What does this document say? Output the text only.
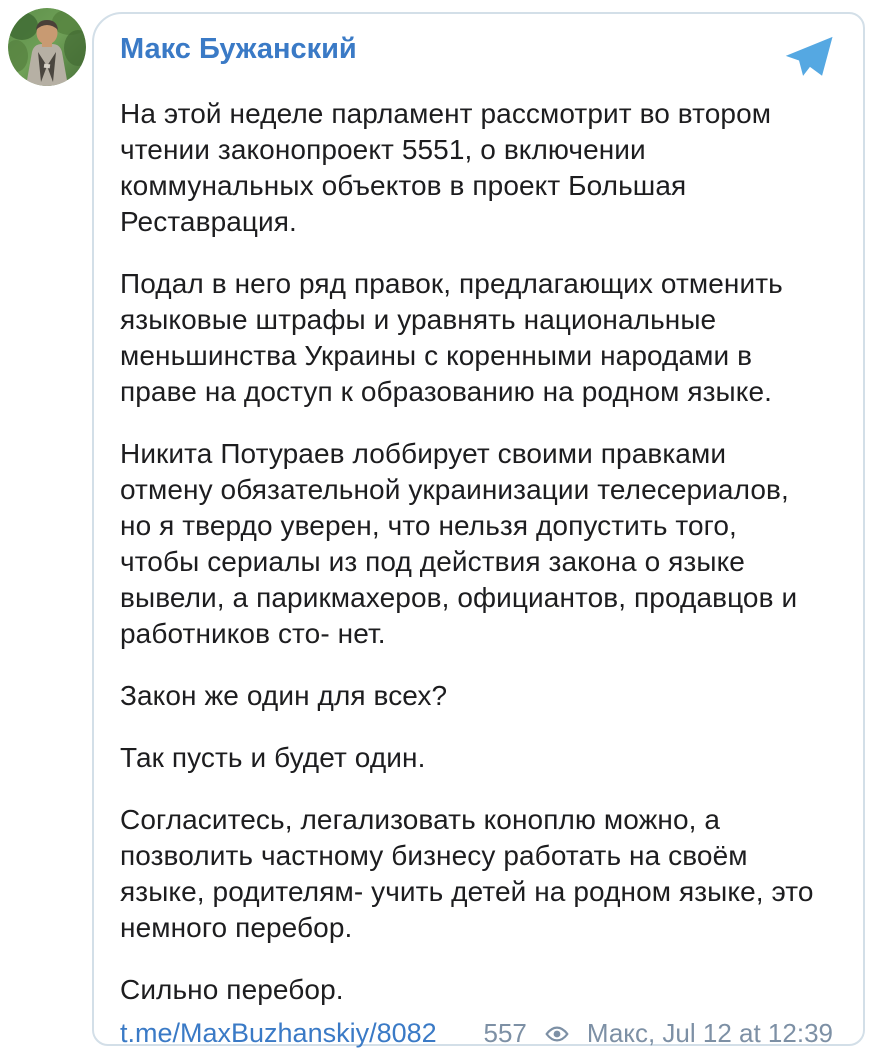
Макс Бужанский

На этой неделе парламент рассмотрит во втором чтении законопроект 5551, о включении коммунальных объектов в проект Большая Реставрация.

Подал в него ряд правок, предлагающих отменить языковые штрафы и уравнять национальные меньшинства Украины с коренными народами в праве на доступ к образованию на родном языке.

Никита Потураев лоббирует своими правками отмену обязательной украинизации телесериалов, но я твердо уверен, что нельзя допустить того, чтобы сериалы из под действия закона о языке вывели, а парикмахеров, официантов, продавцов и работников сто- нет.

Закон же один для всех?

Так пусть и будет один.

Согласитесь, легализовать коноплю можно, а позволить частному бизнесу работать на своём языке, родителям- учить детей на родном языке, это немного перебор.

Сильно перебор.

t.me/MaxBuzhanskiy/8082 557 Макс, Jul 12 at 12:39
